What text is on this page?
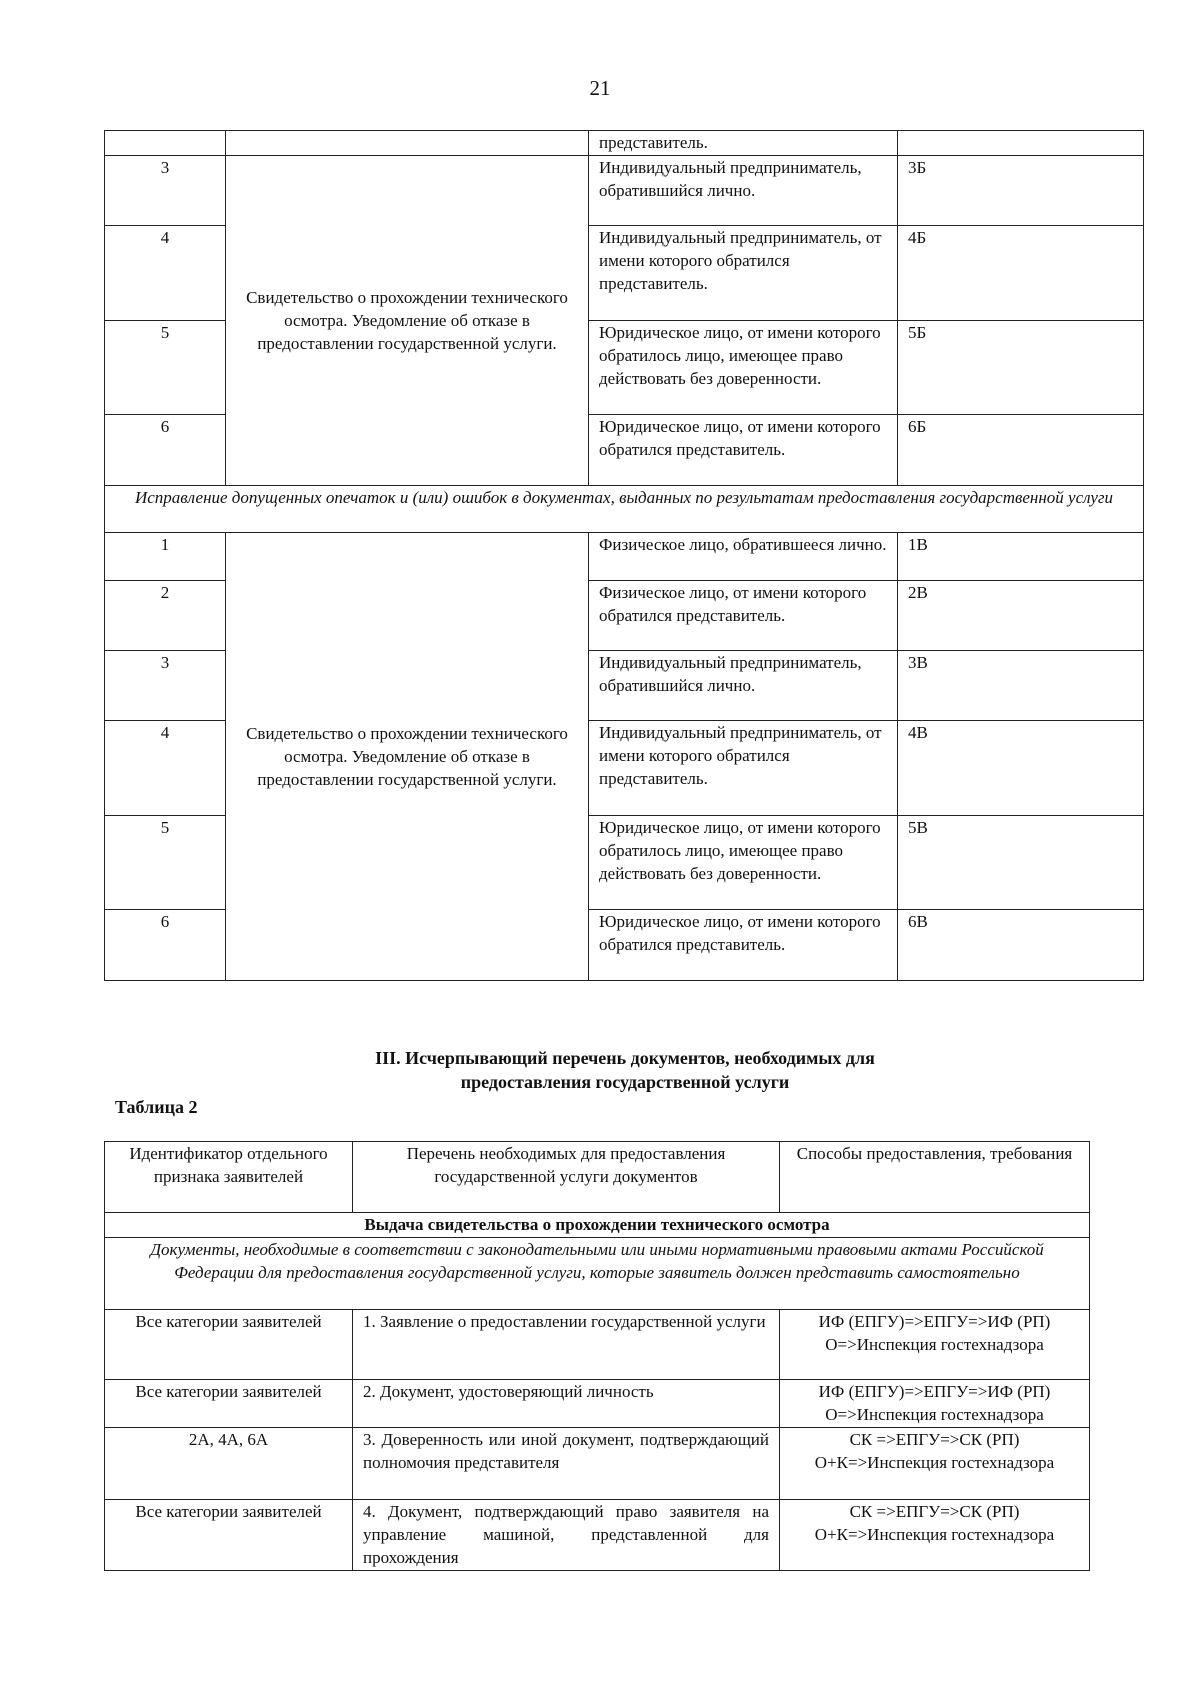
21
		представитель.	
3	Свидетельство о прохождении технического осмотра. Уведомление об отказе в предоставлении государственной услуги.	Индивидуальный предприниматель, обратившийся лично.	3Б
4		Индивидуальный предприниматель, от имени которого обратился представитель.	4Б
5		Юридическое лицо, от имени которого обратилось лицо, имеющее право действовать без доверенности.	5Б
6		Юридическое лицо, от имени которого обратился представитель.	6Б
Исправление допущенных опечаток и (или) ошибок в документах, выданных по результатам предоставления государственной услуги			
1	Свидетельство о прохождении технического осмотра. Уведомление об отказе в предоставлении государственной услуги.	Физическое лицо, обратившееся лично.	1В
2		Физическое лицо, от имени которого обратился представитель.	2В
3		Индивидуальный предприниматель, обратившийся лично.	3В
4		Индивидуальный предприниматель, от имени которого обратился представитель.	4В
5		Юридическое лицо, от имени которого обратилось лицо, имеющее право действовать без доверенности.	5В
6		Юридическое лицо, от имени которого обратился представитель.	6В
III. Исчерпывающий перечень документов, необходимых для
предоставления государственной услуги
Таблица 2
Идентификатор отдельного признака заявителей	Перечень необходимых для предоставления государственной услуги документов	Способы предоставления, требования
Выдача свидетельства о прохождении технического осмотра		
Документы, необходимые в соответствии с законодательными или иными нормативными правовыми актами Российской Федерации для предоставления государственной услуги, которые заявитель должен представить самостоятельно		
Все категории заявителей	1. Заявление о предоставлении государственной услуги	ИФ (ЕПГУ)=>ЕПГУ=>ИФ (РП)
О=>Инспекция гостехнадзора

Все категории заявителей	2. Документ, удостоверяющий личность	ИФ (ЕПГУ)=>ЕПГУ=>ИФ (РП)
О=>Инспекция гостехнадзора

2А, 4А, 6А	3. Доверенность или иной документ, подтверждающий полномочия представителя	СК =>ЕПГУ=>СК (РП)
О+К=>Инспекция гостехнадзора

Все категории заявителей	4. Документ, подтверждающий право заявителя на управление машиной, представленной для прохождения	СК =>ЕПГУ=>СК (РП)
О+К=>Инспекция гостехнадзора
